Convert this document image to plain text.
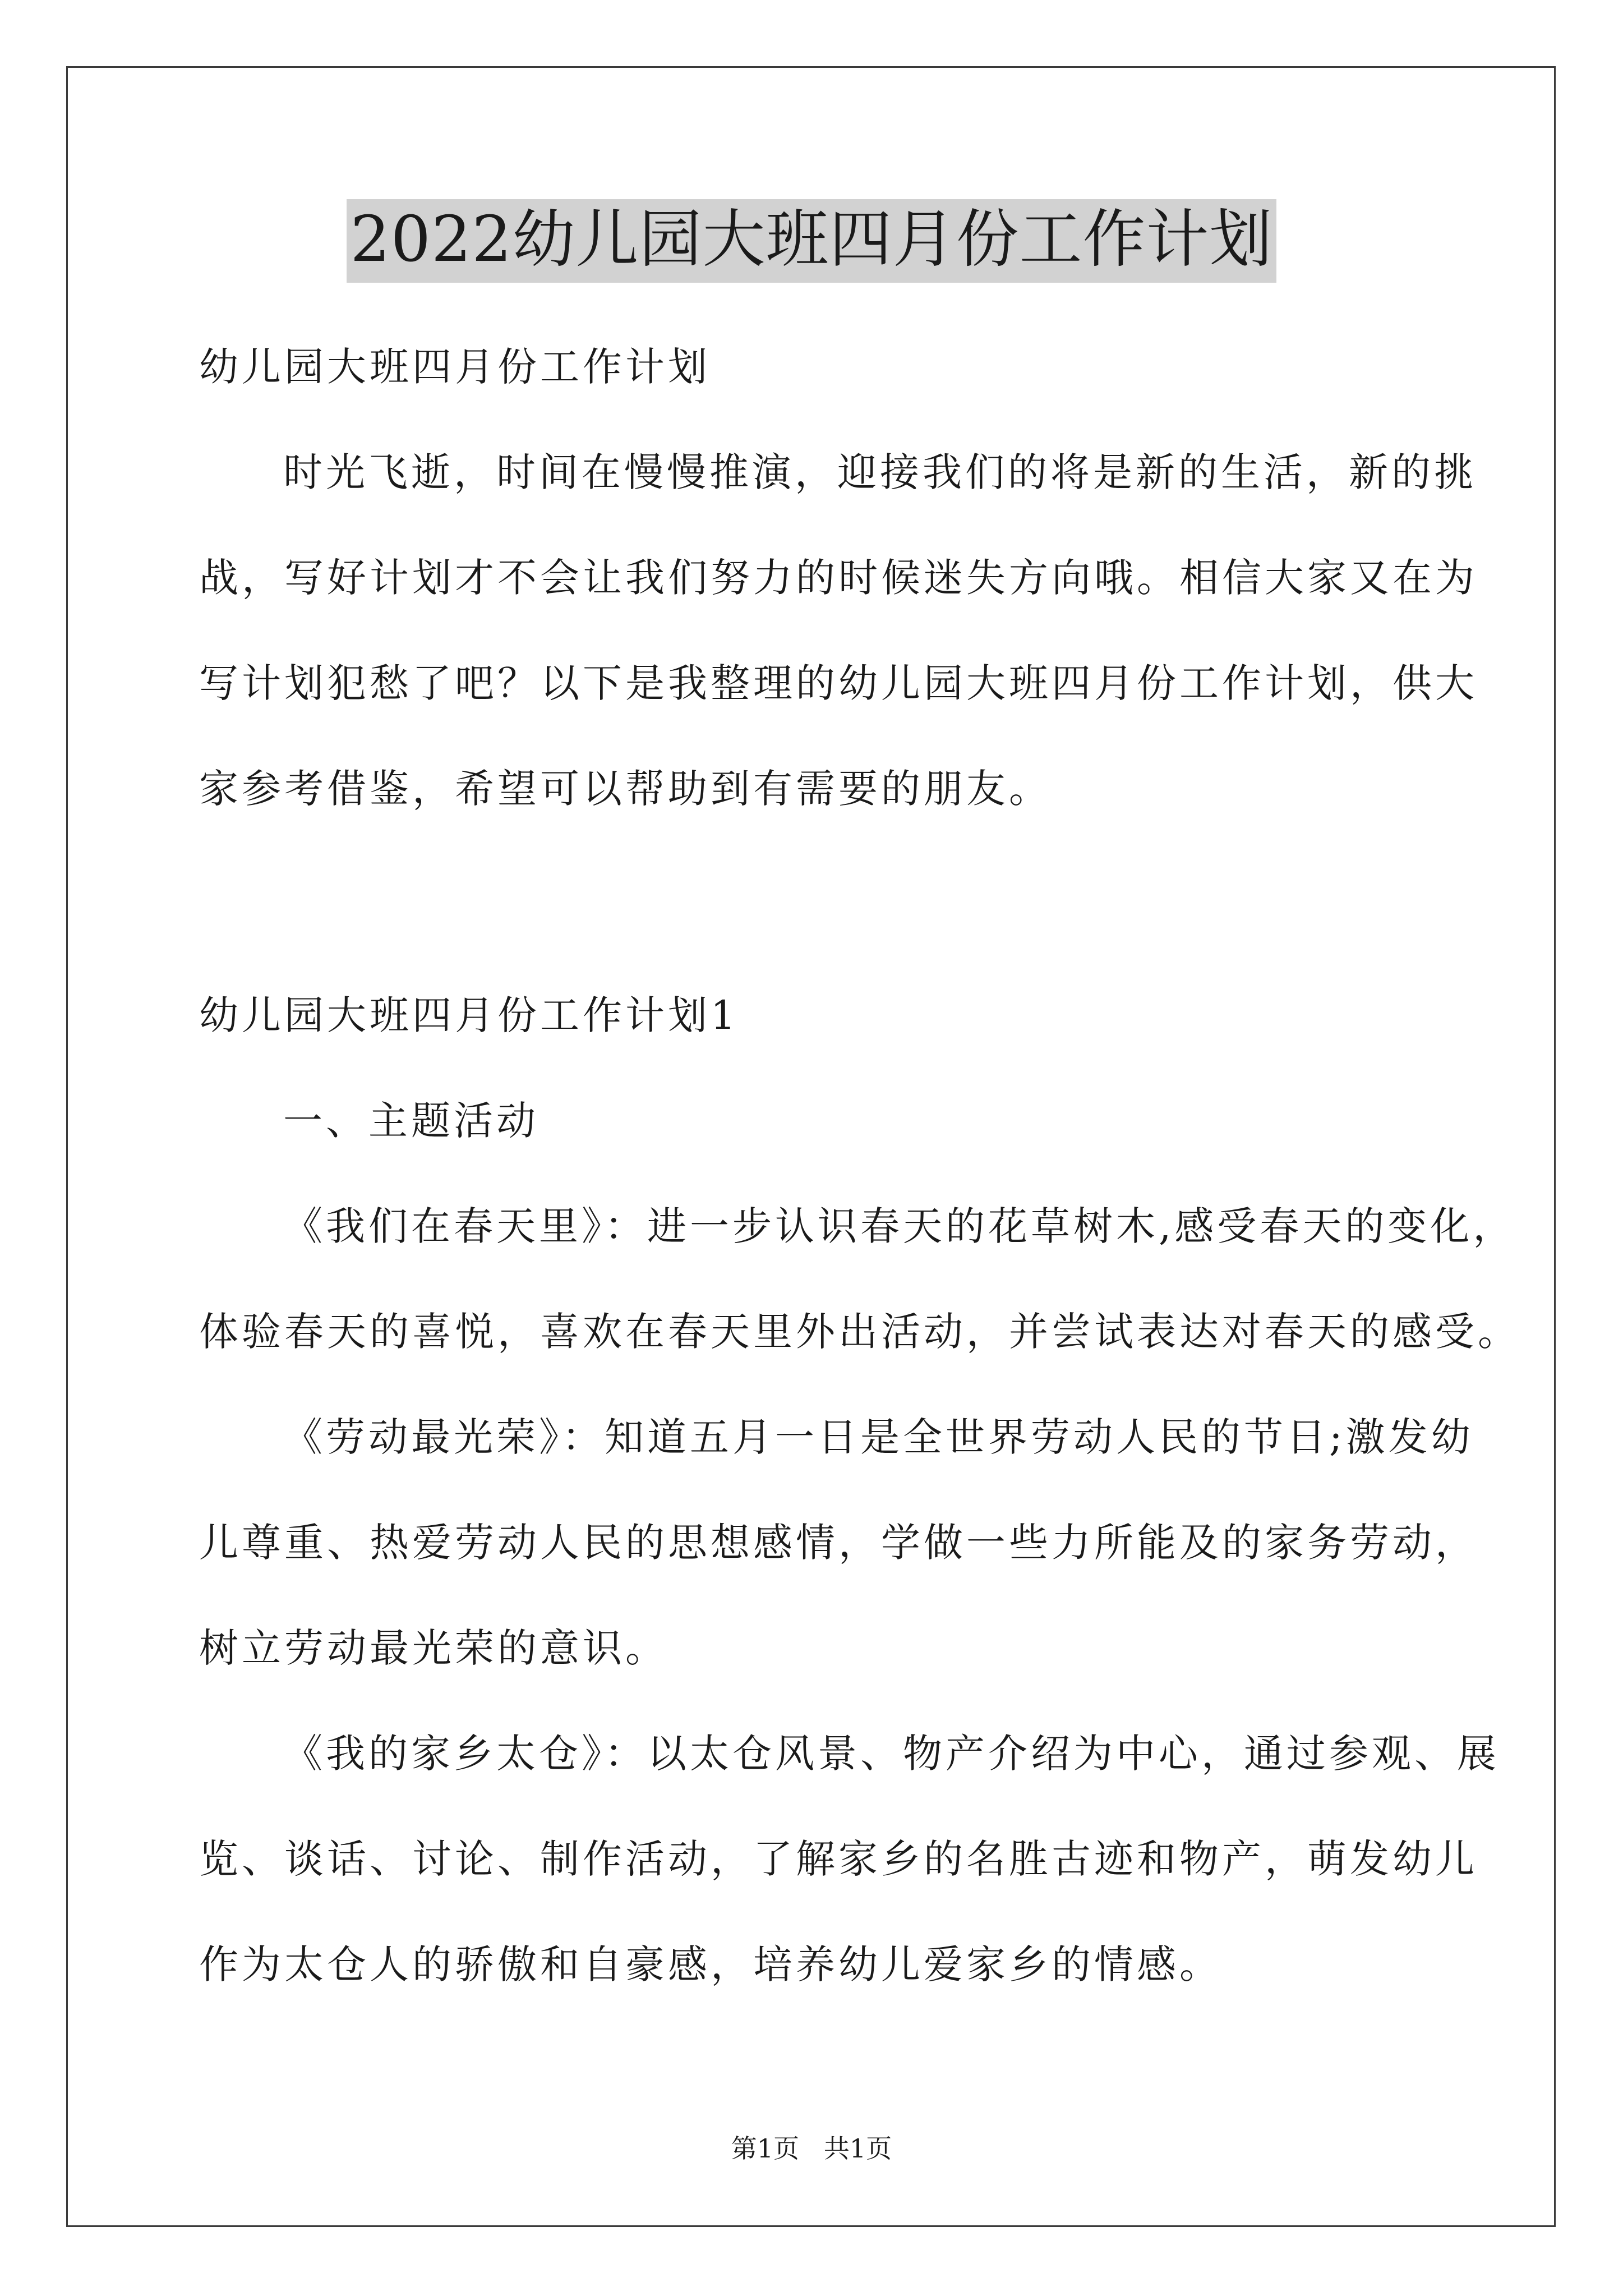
2022幼儿园大班四月份工作计划

幼儿园大班四月份工作计划

时光飞逝，时间在慢慢推演，迎接我们的将是新的生活，新的挑

战，写好计划才不会让我们努力的时候迷失方向哦。相信大家又在为

写计划犯愁了吧？以下是我整理的幼儿园大班四月份工作计划，供大

家参考借鉴，希望可以帮助到有需要的朋友。

幼儿园大班四月份工作计划1

一、主题活动

《我们在春天里》：进一步认识春天的花草树木,感受春天的变化，

体验春天的喜悦，喜欢在春天里外出活动，并尝试表达对春天的感受。

《劳动最光荣》：知道五月一日是全世界劳动人民的节日;激发幼

儿尊重、热爱劳动人民的思想感情，学做一些力所能及的家务劳动，

树立劳动最光荣的意识。

《我的家乡太仓》：以太仓风景、物产介绍为中心，通过参观、展

览、谈话、讨论、制作活动，了解家乡的名胜古迹和物产，萌发幼儿

作为太仓人的骄傲和自豪感，培养幼儿爱家乡的情感。

第1页   共1页
